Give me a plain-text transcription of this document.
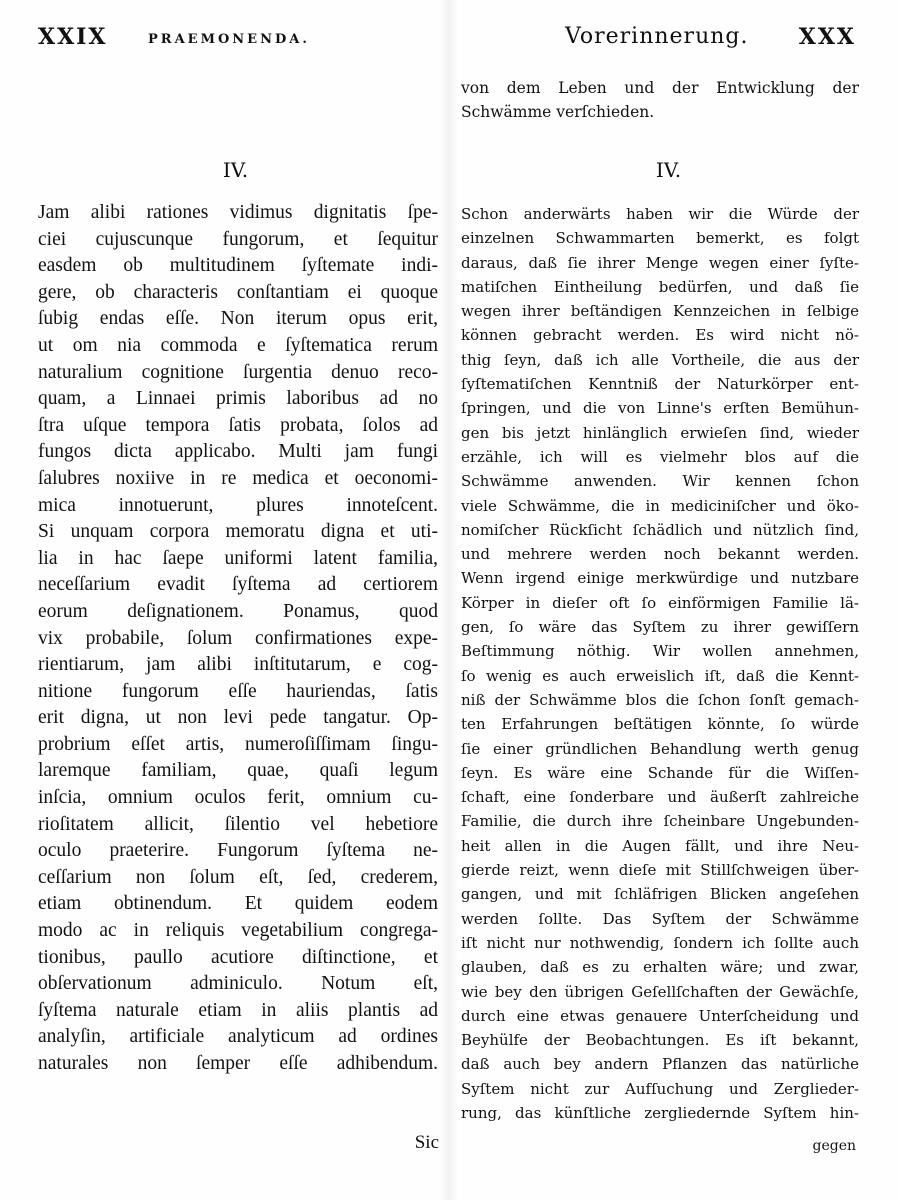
XXIX	PRAEMONENDA.
IV.
Jam alibi rationes vidimus dignitatis ſpe-
ciei cujuscunque fungorum, et ſequitur
easdem ob multitudinem ſyſtemate indi-
gere, ob characteris conſtantiam ei quoque
ſubig endas eſſe. Non iterum opus erit,
ut om nia commoda e ſyſtematica rerum
naturalium cognitione ſurgentia denuo reco-
quam, a Linnaei primis laboribus ad no
ſtra uſque tempora ſatis probata, ſolos ad
fungos dicta applicabo. Multi jam fungi
ſalubres noxiive in re medica et oeconomi-
mica innotuerunt, plures innoteſcent.
Si unquam corpora memoratu digna et uti-
lia in hac ſaepe uniformi latent familia,
neceſſarium evadit ſyſtema ad certiorem
eorum deſignationem. Ponamus, quod
vix probabile, ſolum confirmationes expe-
rientiarum, jam alibi inſtitutarum, e cog-
nitione fungorum eſſe hauriendas, ſatis
erit digna, ut non levi pede tangatur. Op-
probrium eſſet artis, numeroſiſſimam ſingu-
laremque familiam, quae, quaſi legum
inſcia, omnium oculos ferit, omnium cu-
rioſitatem allicit, ſilentio vel hebetiore
oculo praeterire. Fungorum ſyſtema ne-
ceſſarium non ſolum eſt, ſed, crederem,
etiam obtinendum. Et quidem eodem
modo ac in reliquis vegetabilium congrega-
tionibus, paullo acutiore diſtinctione, et
obſervationum adminiculo. Notum eſt,
ſyſtema naturale etiam in aliis plantis ad
analyſin, artificiale analyticum ad ordines
naturales non ſemper eſſe adhibendum.
Sic
Vorerinnerung. XXX
von dem Leben und der Entwicklung der
Schwämme verſchieden.
IV.
Schon anderwärts haben wir die Würde der
einzelnen Schwammarten bemerkt, es folgt
daraus, daß ſie ihrer Menge wegen einer ſyſte-
matiſchen Eintheilung bedürfen, und daß ſie
wegen ihrer beſtändigen Kennzeichen in ſelbige
können gebracht werden. Es wird nicht nö-
thig ſeyn, daß ich alle Vortheile, die aus der
ſyſtematiſchen Kenntniß der Naturkörper ent-
ſpringen, und die von Linne's erſten Bemühun-
gen bis jetzt hinlänglich erwieſen ſind, wieder
erzähle, ich will es vielmehr blos auf die
Schwämme anwenden. Wir kennen ſchon
viele Schwämme, die in mediciniſcher und öko-
nomiſcher Rückſicht ſchädlich und nützlich ſind,
und mehrere werden noch bekannt werden.
Wenn irgend einige merkwürdige und nutzbare
Körper in dieſer oft ſo einförmigen Familie lä-
gen, ſo wäre das Syſtem zu ihrer gewiſſern
Beſtimmung nöthig. Wir wollen annehmen,
ſo wenig es auch erweislich iſt, daß die Kennt-
niß der Schwämme blos die ſchon ſonſt gemach-
ten Erfahrungen beſtätigen könnte, ſo würde
ſie einer gründlichen Behandlung werth genug
ſeyn. Es wäre eine Schande für die Wiſſen-
ſchaft, eine ſonderbare und äußerſt zahlreiche
Familie, die durch ihre ſcheinbare Ungebunden-
heit allen in die Augen fällt, und ihre Neu-
gierde reizt, wenn dieſe mit Stillſchweigen über-
gangen, und mit ſchläfrigen Blicken angeſehen
werden ſollte. Das Syſtem der Schwämme
iſt nicht nur nothwendig, ſondern ich ſollte auch
glauben, daß es zu erhalten wäre; und zwar,
wie bey den übrigen Geſellſchaften der Gewächſe,
durch eine etwas genauere Unterſcheidung und
Beyhülfe der Beobachtungen. Es iſt bekannt,
daß auch bey andern Pflanzen das natürliche
Syſtem nicht zur Aufſuchung und Zerglieder-
rung, das künſtliche zergliedernde Syſtem hin-
gegen
